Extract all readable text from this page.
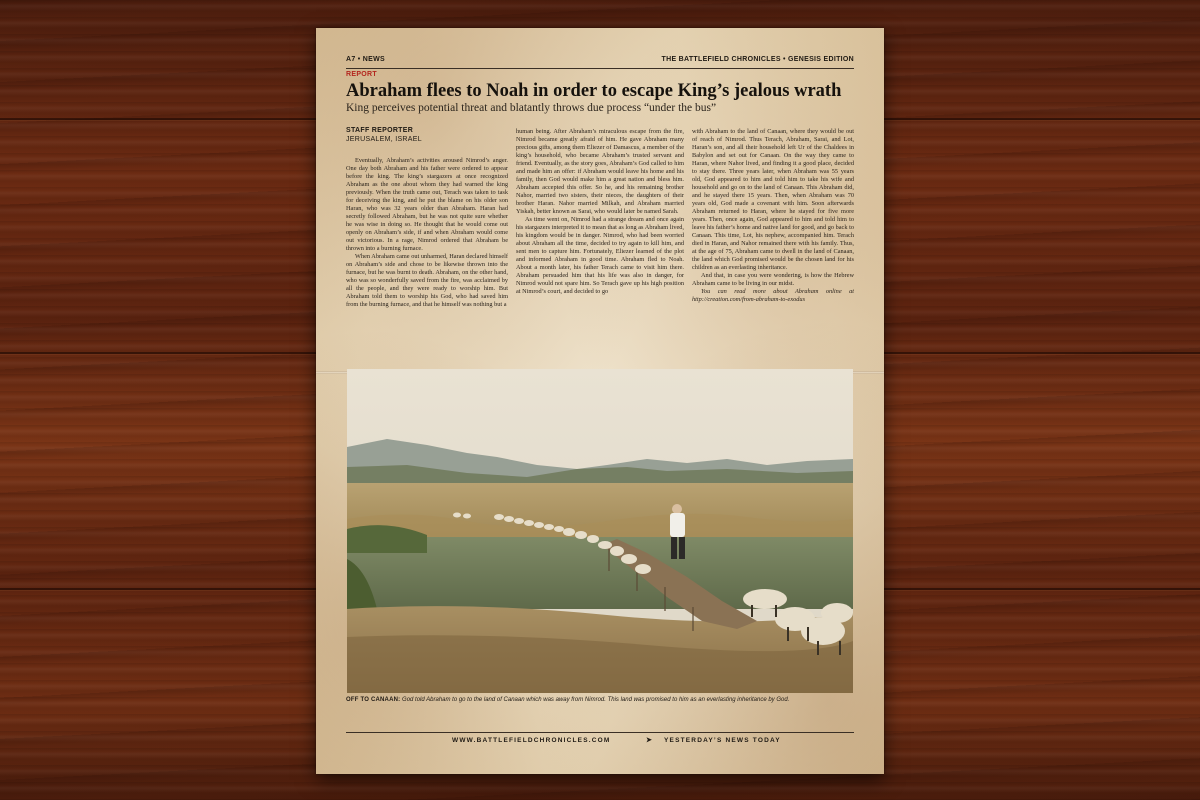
A7 • NEWS	THE BATTLEFIELD CHRONICLES • GENESIS EDITION
REPORT
Abraham flees to Noah in order to escape King’s jealous wrath
King perceives potential threat and blatantly throws due process “under the bus”
STAFF REPORTER
JERUSALEM, ISRAEL

Eventually, Abraham’s activities aroused Nimrod’s anger. One day both Abraham and his father were ordered to appear before the king. The king’s stargazers at once recognized Abraham as the one about whom they had warned the king previously. When the truth came out, Terach was taken to task for deceiving the king, and he put the blame on his older son Haran, who was 32 years older than Abraham. Haran had secretly followed Abraham, but he was not quite sure whether he was wise in doing so. He thought that he would come out openly on Abraham’s side, if and when Abraham would come out victorious. In a rage, Nimrod ordered that Abraham be thrown into a burning furnace.

When Abraham came out unharmed, Haran declared himself on Abraham’s side and chose to be likewise thrown into the furnace, but he was burnt to death. Abraham, on the other hand, who was so wonderfully saved from the fire, was acclaimed by all the people, and they were ready to worship him. But Abraham told them to worship his God, who had saved him from the burning furnace, and that he himself was nothing but a

human being. After Abraham’s miraculous escape from the fire, Nimrod became greatly afraid of him. He gave Abraham many precious gifts, among them Eliezer of Damascus, a member of the king’s household, who became Abraham’s trusted servant and friend. Eventually, as the story goes, Abraham’s God called to him and made him an offer: if Abraham would leave his home and his family, then God would make him a great nation and bless him. Abraham accepted this offer. So he, and his remaining brother Nahor, married two sisters, their nieces, the daughters of their brother Haran. Nahor married Milkah, and Abraham married Yiskah, better known as Sarai, who would later be named Sarah.

As time went on, Nimrod had a strange dream and once again his stargazers interpreted it to mean that as long as Abraham lived, his kingdom would be in danger. Nimrod, who had been worried about Abraham all the time, decided to try again to kill him, and sent men to capture him. Fortunately, Eliezer learned of the plot and informed Abraham in good time. Abraham fled to Noah. About a month later, his father Terach came to visit him there. Abraham persuaded him that his life was also in danger, for Nimrod would not spare him. So Terach gave up his high position at Nimrod’s court, and decided to go

with Abraham to the land of Canaan, where they would be out of reach of Nimrod. Thus Terach, Abraham, Sarai, and Lot, Haran’s son, and all their household left Ur of the Chaldees in Babylon and set out for Canaan. On the way they came to Haran, where Nahor lived, and finding it a good place, decided to stay there. Three years later, when Abraham was 55 years old, God appeared to him and told him to take his wife and household and go on to the land of Canaan. This Abraham did, and he stayed there 15 years. Then, when Abraham was 70 years old, God made a covenant with him. Soon afterwards Abraham returned to Haran, where he stayed for five more years. Then, once again, God appeared to him and told him to leave his father’s home and native land for good, and go back to Canaan. This time, Lot, his nephew, accompanied him. Terach died in Haran, and Nahor remained there with his family. Thus, at the age of 75, Abraham came to dwell in the land of Canaan, the land which God promised would be the chosen land for his children as an everlasting inheritance.

And that, in case you were wondering, is how the Hebrew Abraham came to be living in our midst.

You can read more about Abraham online at http://creation.com/from-abraham-to-exodus

OFF TO CANAAN: God told Abraham to go to the land of Canaan which was away from Nimrod. This land was promised to him as an everlasting inheritance by God.
WWW.BATTLEFIELDCHRONICLES.COM	➤ YESTERDAY’S NEWS TODAY
